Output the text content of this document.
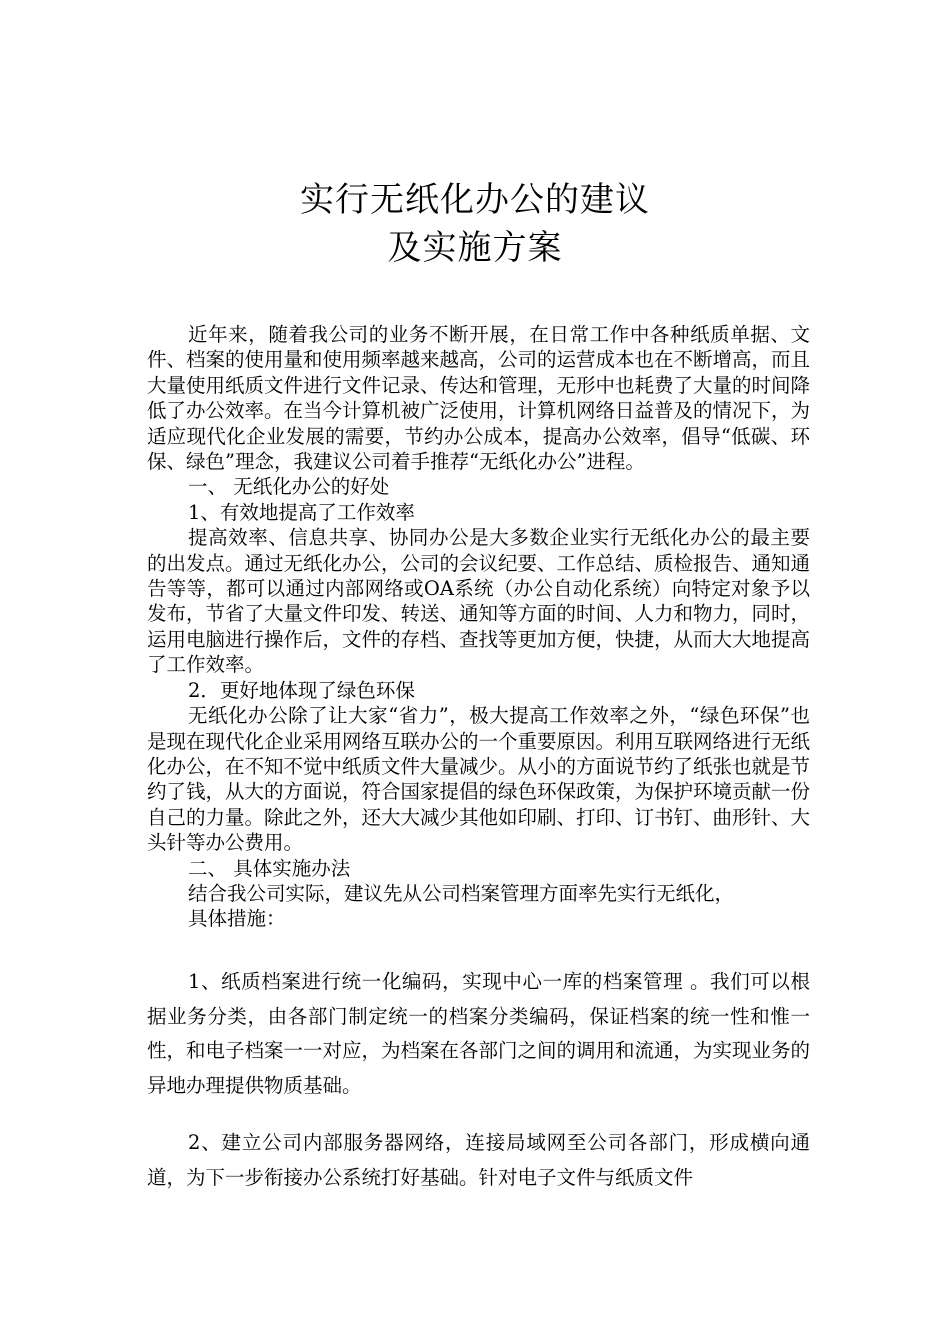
实行无纸化办公的建议
及实施方案

近年来，随着我公司的业务不断开展，在日常工作中各种纸质单据、文件、档案的使用量和使用频率越来越高，公司的运营成本也在不断增高，而且大量使用纸质文件进行文件记录、传达和管理，无形中也耗费了大量的时间降低了办公效率。在当今计算机被广泛使用，计算机网络日益普及的情况下，为适应现代化企业发展的需要，节约办公成本，提高办公效率，倡导“低碳、环保、绿色”理念，我建议公司着手推荐“无纸化办公”进程。

一、 无纸化办公的好处

1、有效地提高了工作效率

提高效率、信息共享、协同办公是大多数企业实行无纸化办公的最主要的出发点。通过无纸化办公，公司的会议纪要、工作总结、质检报告、通知通告等等，都可以通过内部网络或OA系统（办公自动化系统）向特定对象予以发布，节省了大量文件印发、转送、通知等方面的时间、人力和物力，同时，运用电脑进行操作后，文件的存档、查找等更加方便，快捷，从而大大地提高了工作效率。

2．更好地体现了绿色环保

无纸化办公除了让大家“省力”，极大提高工作效率之外，“绿色环保”也是现在现代化企业采用网络互联办公的一个重要原因。利用互联网络进行无纸化办公，在不知不觉中纸质文件大量减少。从小的方面说节约了纸张也就是节约了钱，从大的方面说，符合国家提倡的绿色环保政策，为保护环境贡献一份自己的力量。除此之外，还大大减少其他如印刷、打印、订书钉、曲形针、大头针等办公费用。

二、 具体实施办法

结合我公司实际，建议先从公司档案管理方面率先实行无纸化，

具体措施：

1、纸质档案进行统一化编码，实现中心一库的档案管理 。我们可以根据业务分类，由各部门制定统一的档案分类编码，保证档案的统一性和惟一性，和电子档案一一对应，为档案在各部门之间的调用和流通，为实现业务的异地办理提供物质基础。

2、建立公司内部服务器网络，连接局域网至公司各部门，形成横向通道，为下一步衔接办公系统打好基础。针对电子文件与纸质文件
